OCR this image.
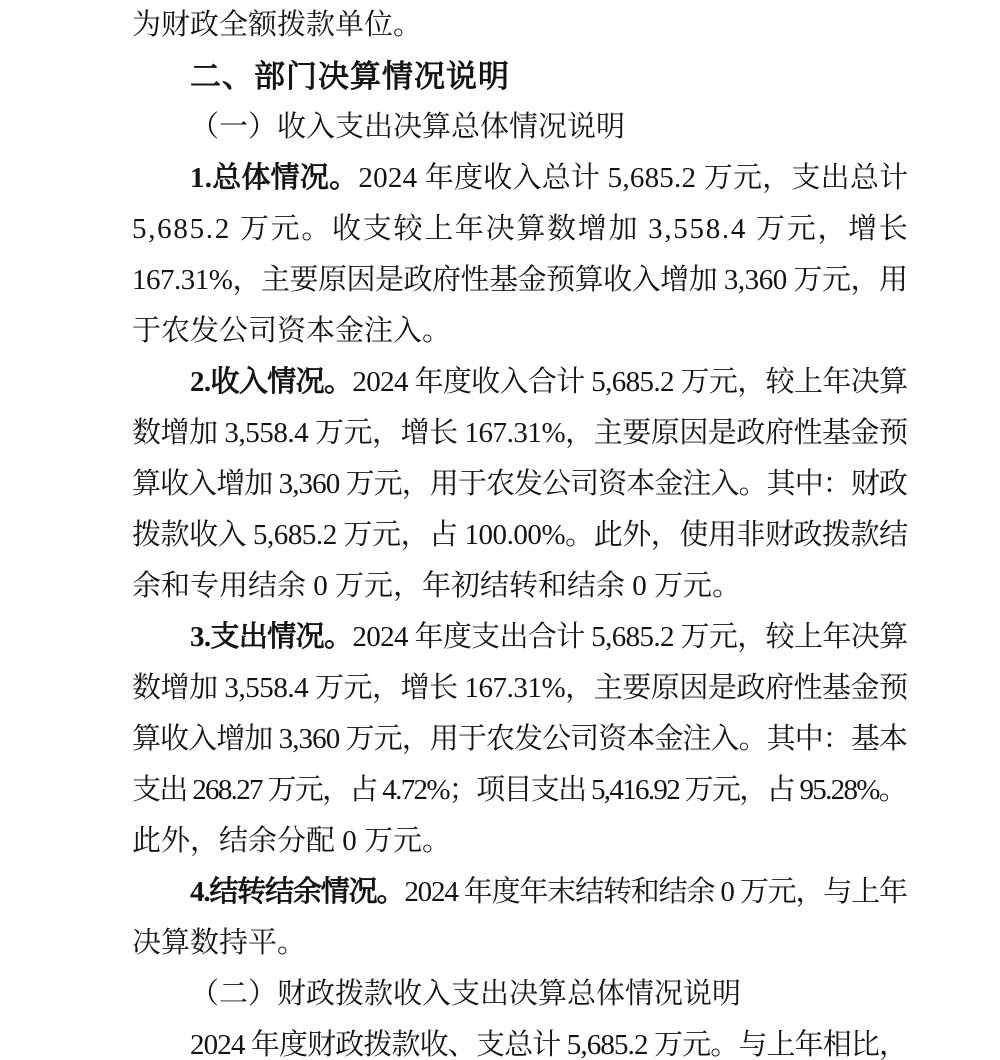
为财政全额拨款单位。
二、部门决算情况说明
（一）收入支出决算总体情况说明
1.总体情况。2024 年度收入总计 5,685.2 万元，支出总计
5,685.2 万元。收支较上年决算数增加 3,558.4 万元，增长
167.31%，主要原因是政府性基金预算收入增加 3,360 万元，用
于农发公司资本金注入。
2.收入情况。2024 年度收入合计 5,685.2 万元，较上年决算
数增加 3,558.4 万元，增长 167.31%，主要原因是政府性基金预
算收入增加 3,360 万元，用于农发公司资本金注入。其中：财政
拨款收入 5,685.2 万元，占 100.00%。此外，使用非财政拨款结
余和专用结余 0 万元，年初结转和结余 0 万元。
3.支出情况。2024 年度支出合计 5,685.2 万元，较上年决算
数增加 3,558.4 万元，增长 167.31%，主要原因是政府性基金预
算收入增加 3,360 万元，用于农发公司资本金注入。其中：基本
支出 268.27 万元，占 4.72%；项目支出 5,416.92 万元，占 95.28%。
此外，结余分配 0 万元。
4.结转结余情况。2024 年度年末结转和结余 0 万元，与上年
决算数持平。
（二）财政拨款收入支出决算总体情况说明
2024 年度财政拨款收、支总计 5,685.2 万元。与上年相比，
